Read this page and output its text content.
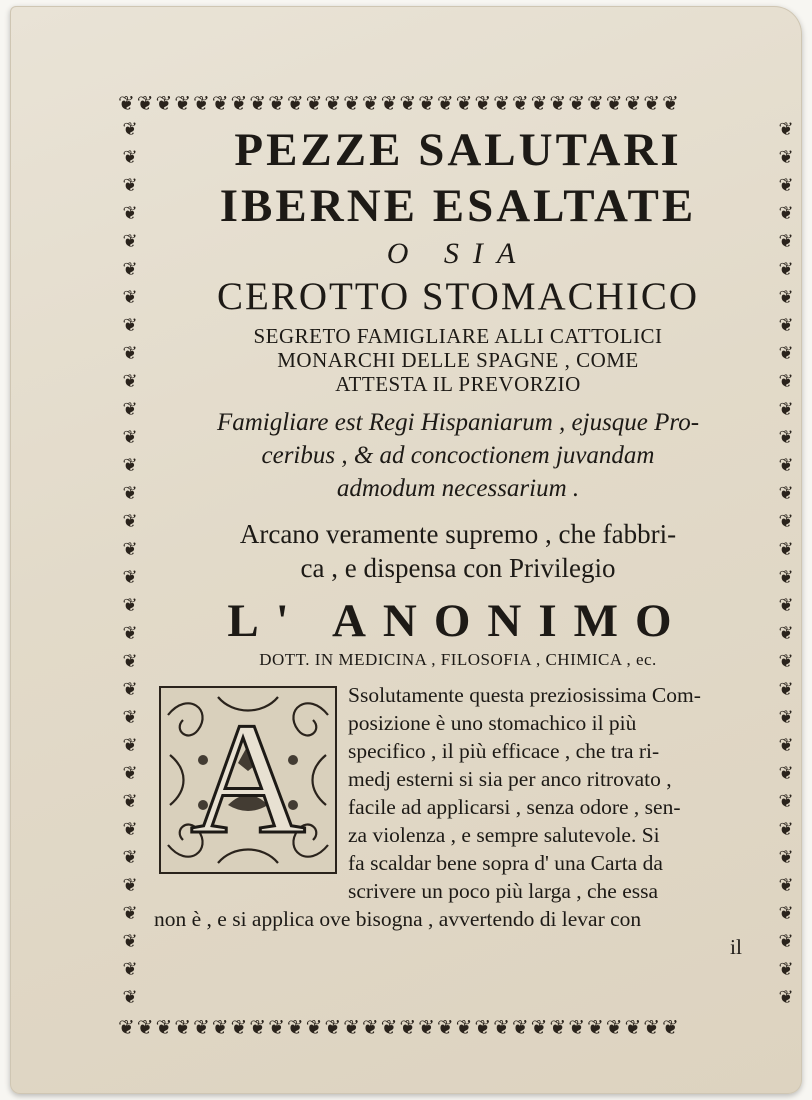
❦❦❦❦❦❦❦❦❦❦❦❦❦❦❦❦❦❦❦❦❦❦❦❦❦❦❦❦❦❦
❦
❦
❦
❦
❦
❦
❦
❦
❦
❦
❦
❦
❦
❦
❦
❦
❦
❦
❦
❦
❦
❦
❦
❦
❦
❦
❦
❦
❦
❦
❦
❦
❦
❦
❦
❦
❦
❦
❦
❦
❦
❦
❦
❦
❦
❦
❦
❦
❦
❦
❦
❦
❦
❦
❦
❦
❦
❦
❦
❦
❦
❦
❦
❦
❦❦❦❦❦❦❦❦❦❦❦❦❦❦❦❦❦❦❦❦❦❦❦❦❦❦❦❦❦❦
PEZZE SALUTARI
IBERNE ESALTATE
O SIA
CEROTTO STOMACHICO
SEGRETO FAMIGLIARE ALLI CATTOLICI
MONARCHI DELLE SPAGNE , COME
ATTESTA IL PREVORZIO
Famigliare est Regi Hispaniarum , ejusque Pro-
ceribus , & ad concoctionem juvandam
admodum necessarium .
Arcano veramente supremo , che fabbri-
ca , e dispensa con Privilegio
L' ANONIMO
DOTT. IN MEDICINA , FILOSOFIA , CHIMICA , ec.
A	Ssolutamente questa preziosissima Com-
posizione è uno stomachico il più
specifico , il più efficace , che tra ri-
medj esterni si sia per anco ritrovato ,
facile ad applicarsi , senza odore , sen-
za violenza , e sempre salutevole. Si
fa scaldar bene sopra d' una Carta da
scrivere un poco più larga , che essa
non è , e si applica ove bisogna , avvertendo di levar con
il
